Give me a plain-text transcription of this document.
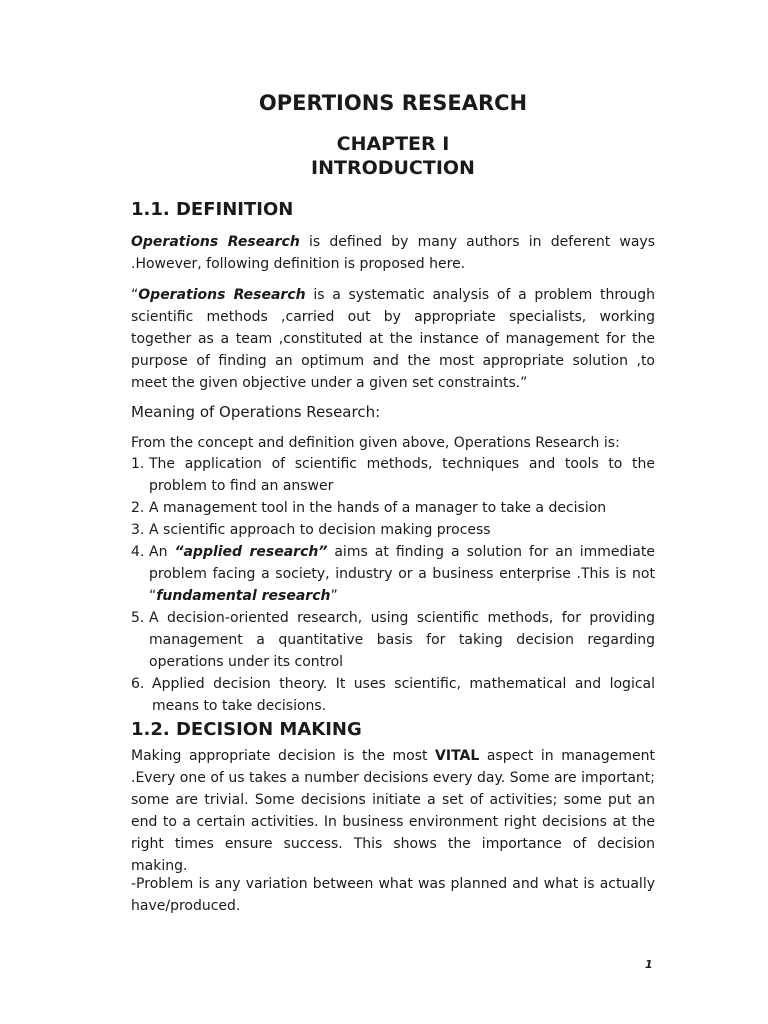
OPERTIONS RESEARCH
CHAPTER I
INTRODUCTION
1.1. DEFINITION

Operations Research is defined by many authors in deferent ways .However, following definition is proposed here.

“Operations Research is a systematic analysis of a problem through scientific methods ,carried out by appropriate specialists, working together as a team ,constituted at the instance of management for the purpose of finding an optimum and the most appropriate solution ,to meet the given objective under a given set constraints.”

Meaning of Operations Research:

From the concept and definition given above, Operations Research is:

1. The application of scientific methods, techniques and tools to the problem to find an answer
2. A management tool in the hands of a manager to take a decision
3. A scientific approach to decision making process
4. An “applied research” aims at finding a solution for an immediate problem facing a society, industry or a business enterprise .This is not “fundamental research”
5. A decision-oriented research, using scientific methods, for providing management a quantitative basis for taking decision regarding operations under its control
6. Applied decision theory. It uses scientific, mathematical and logical means to take decisions.
1.2. DECISION MAKING

Making appropriate decision is the most VITAL aspect in management .Every one of us takes a number decisions every day. Some are important; some are trivial. Some decisions initiate a set of activities; some put an end to a certain activities. In business environment right decisions at the right times ensure success. This shows the importance of decision making.

-Problem is any variation between what was planned and what is actually have/produced.

1
